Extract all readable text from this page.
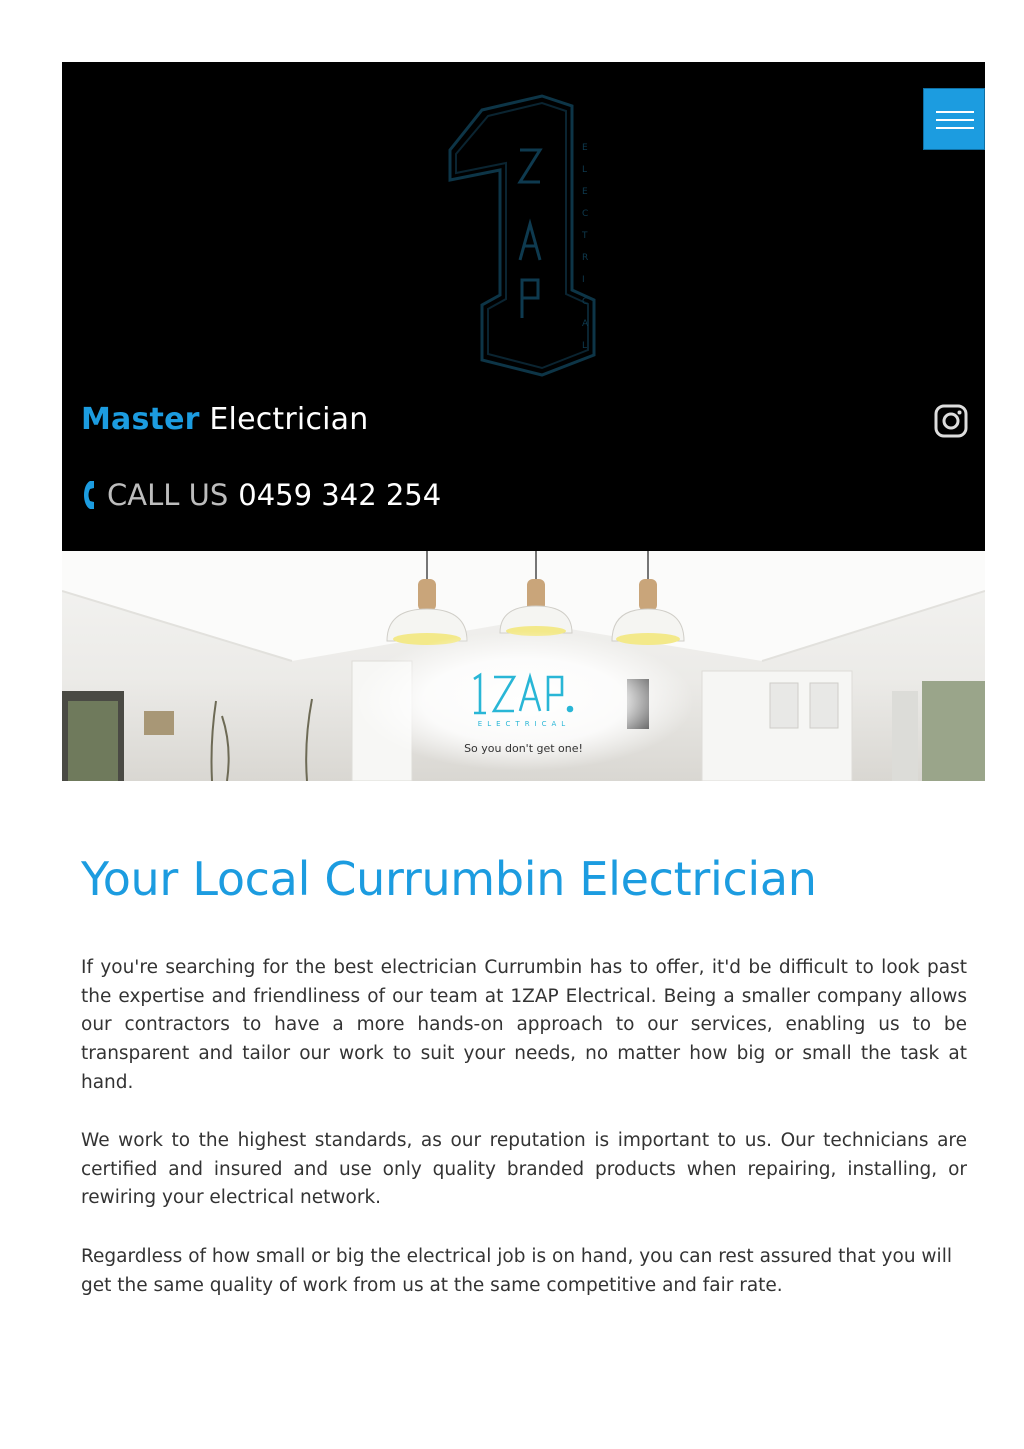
E
L
E
C
T
R
I
C
A
L
Master Electrician
CALL US 0459 342 254
ELECTRICAL
So you don't get one!
Your Local Currumbin Electrician

If you're searching for the best electrician Currumbin has to offer, it'd be difficult to look past the expertise and friendliness of our team at 1ZAP Electrical. Being a smaller company allows our contractors to have a more hands-on approach to our services, enabling us to be transparent and tailor our work to suit your needs, no matter how big or small the task at hand.

We work to the highest standards, as our reputation is important to us. Our technicians are certified and insured and use only quality branded products when repairing, installing, or rewiring your electrical network.

Regardless of how small or big the electrical job is on hand, you can rest assured that you will get the same quality of work from us at the same competitive and fair rate.
